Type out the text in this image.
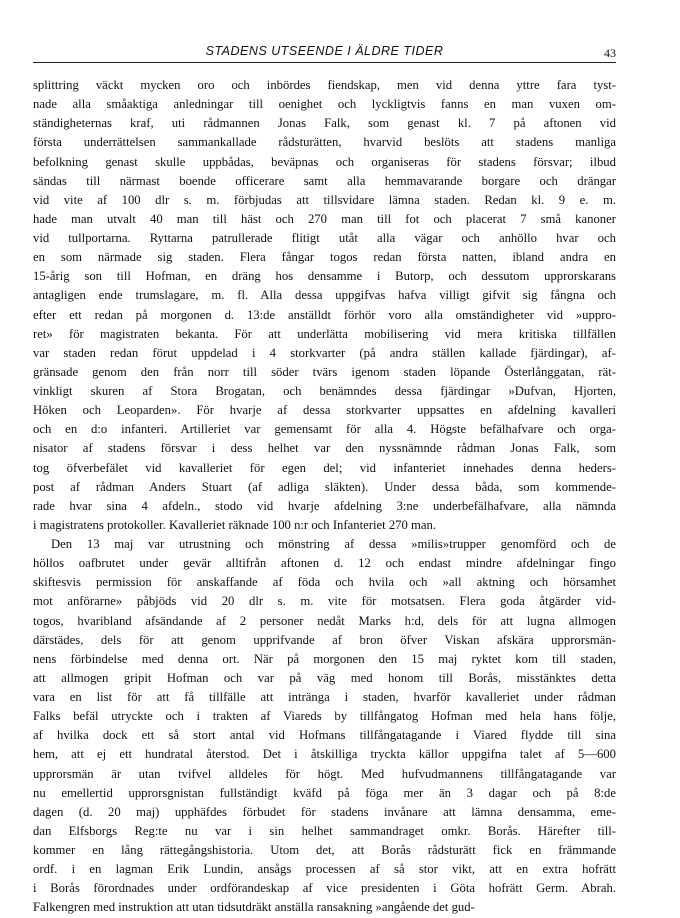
STADENS UTSEENDE I ÄLDRE TIDER	43
splittring väckt mycken oro och inbördes fiendskap, men vid denna yttre fara tyst-
nade alla småaktiga anledningar till oenighet och lyckligtvis fanns en man vuxen om-
ständigheternas kraf, uti rådmannen Jonas Falk, som genast kl. 7 på aftonen vid
första underrättelsen sammankallade rådsturätten, hvarvid beslöts att stadens manliga
befolkning genast skulle uppbådas, beväpnas och organiseras för stadens försvar; ilbud
sändas till närmast boende officerare samt alla hemmavarande borgare och drängar
vid vite af 100 dlr s. m. förbjudas att tillsvidare lämna staden. Redan kl. 9 e. m.
hade man utvalt 40 man till häst och 270 man till fot och placerat 7 små kanoner
vid tullportarna. Ryttarna patrullerade flitigt utåt alla vägar och anhöllo hvar och
en som närmade sig staden. Flera fångar togos redan första natten, ibland andra en
15-årig son till Hofman, en dräng hos densamme i Butorp, och dessutom upprorskarans
antagligen ende trumslagare, m. fl. Alla dessa uppgifvas hafva villigt gifvit sig fångna och
efter ett redan på morgonen d. 13:de anställdt förhör voro alla omständigheter vid »uppro-
ret» för magistraten bekanta. För att underlätta mobilisering vid mera kritiska tillfällen
var staden redan förut uppdelad i 4 storkvarter (på andra ställen kallade fjärdingar), af-
gränsade genom den från norr till söder tvärs igenom staden löpande Österlånggatan, rät-
vinkligt skuren af Stora Brogatan, och benämndes dessa fjärdingar »Dufvan, Hjorten,
Höken och Leoparden». För hvarje af dessa storkvarter uppsattes en afdelning kavalleri
och en d:o infanteri. Artilleriet var gemensamt för alla 4. Högste befälhafvare och orga-
nisator af stadens försvar i dess helhet var den nyssnämnde rådman Jonas Falk, som
tog öfverbefälet vid kavalleriet för egen del; vid infanteriet innehades denna heders-
post af rådman Anders Stuart (af adliga släkten). Under dessa båda, som kommende-
rade hvar sina 4 afdeln., stodo vid hvarje afdelning 3:ne underbefälhafvare, alla nämnda
i magistratens protokoller. Kavalleriet räknade 100 n:r och Infanteriet 270 man.
Den 13 maj var utrustning och mönstring af dessa »milis»trupper genomförd och de
höllos oafbrutet under gevär alltifrån aftonen d. 12 och endast mindre afdelningar fingo
skiftesvis permission för anskaffande af föda och hvila och »all aktning och hörsamhet
mot anförarne» påbjöds vid 20 dlr s. m. vite för motsatsen. Flera goda åtgärder vid-
togos, hvaribland afsändande af 2 personer nedåt Marks h:d, dels för att lugna allmogen
därstädes, dels för att genom upprifvande af bron öfver Viskan afskära upprorsmän-
nens förbindelse med denna ort. När på morgonen den 15 maj ryktet kom till staden,
att allmogen gripit Hofman och var på väg med honom till Borås, misstänktes detta
vara en list för att få tillfälle att intränga i staden, hvarför kavalleriet under rådman
Falks befäl utryckte och i trakten af Viareds by tillfångatog Hofman med hela hans följe,
af hvilka dock ett så stort antal vid Hofmans tillfångatagande i Viared flydde till sina
hem, att ej ett hundratal återstod. Det i åtskilliga tryckta källor uppgifna talet af 5—600
upprorsmän är utan tvifvel alldeles för högt. Med hufvudmannens tillfångatagande var
nu emellertid upprorsgnistan fullständigt kväfd på föga mer än 3 dagar och på 8:de
dagen (d. 20 maj) upphäfdes förbudet för stadens invånare att lämna densamma, eme-
dan Elfsborgs Reg:te nu var i sin helhet sammandraget omkr. Borås. Härefter till-
kommer en lång rättegångshistoria. Utom det, att Borås rådsturätt fick en främmande
ordf. i en lagman Erik Lundin, ansågs processen af så stor vikt, att en extra hofrätt
i Borås förordnades under ordförandeskap af vice presidenten i Göta hofrätt Germ. Abrah.
Falkengren med instruktion att utan tidsutdräkt anställa ransakning »angående det gud-
